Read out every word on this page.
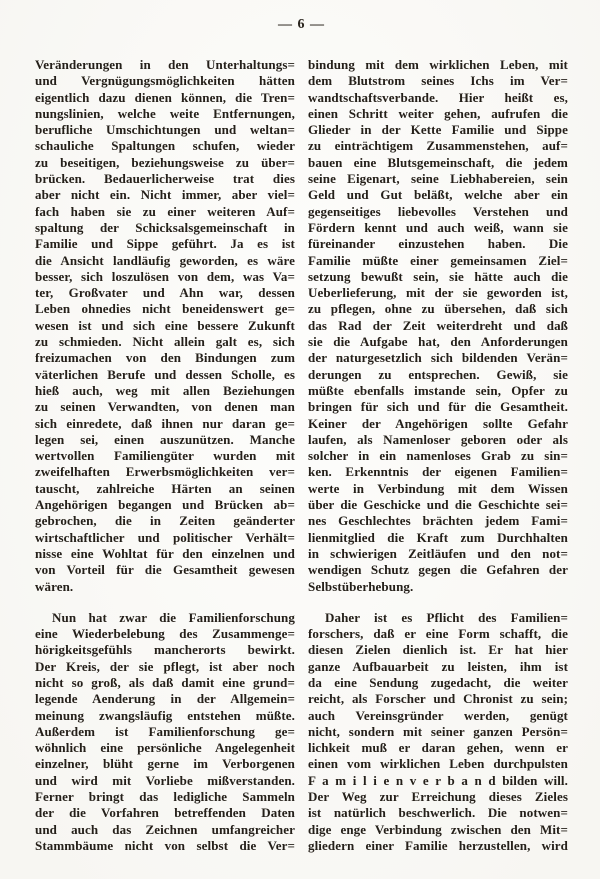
— 6 —
Veränderungen in den Unterhaltungs=
und Vergnügungsmöglichkeiten hätten
eigentlich dazu dienen können, die Tren=
nungslinien, welche weite Entfernungen,
berufliche Umschichtungen und weltan=
schauliche Spaltungen schufen, wieder
zu beseitigen, beziehungsweise zu über=
brücken. Bedauerlicherweise trat dies
aber nicht ein. Nicht immer, aber viel=
fach haben sie zu einer weiteren Auf=
spaltung der Schicksalsgemeinschaft in
Familie und Sippe geführt. Ja es ist
die Ansicht landläufig geworden, es wäre
besser, sich loszulösen von dem, was Va=
ter, Großvater und Ahn war, dessen
Leben ohnedies nicht beneidenswert ge=
wesen ist und sich eine bessere Zukunft
zu schmieden. Nicht allein galt es, sich
freizumachen von den Bindungen zum
väterlichen Berufe und dessen Scholle, es
hieß auch, weg mit allen Beziehungen
zu seinen Verwandten, von denen man
sich einredete, daß ihnen nur daran ge=
legen sei, einen auszunützen. Manche
wertvollen Familiengüter wurden mit
zweifelhaften Erwerbsmöglichkeiten ver=
tauscht, zahlreiche Härten an seinen
Angehörigen begangen und Brücken ab=
gebrochen, die in Zeiten geänderter
wirtschaftlicher und politischer Verhält=
nisse eine Wohltat für den einzelnen und
von Vorteil für die Gesamtheit gewesen
wären.
Nun hat zwar die Familienforschung
eine Wiederbelebung des Zusammenge=
hörigkeitsgefühls mancherorts bewirkt.
Der Kreis, der sie pflegt, ist aber noch
nicht so groß, als daß damit eine grund=
legende Aenderung in der Allgemein=
meinung zwangsläufig entstehen müßte.
Außerdem ist Familienforschung ge=
wöhnlich eine persönliche Angelegenheit
einzelner, blüht gerne im Verborgenen
und wird mit Vorliebe mißverstanden.
Ferner bringt das ledigliche Sammeln
der die Vorfahren betreffenden Daten
und auch das Zeichnen umfangreicher
Stammbäume nicht von selbst die Ver=
bindung mit dem wirklichen Leben, mit
dem Blutstrom seines Ichs im Ver=
wandtschaftsverbande. Hier heißt es,
einen Schritt weiter gehen, aufrufen die
Glieder in der Kette Familie und Sippe
zu einträchtigem Zusammenstehen, auf=
bauen eine Blutsgemeinschaft, die jedem
seine Eigenart, seine Liebhabereien, sein
Geld und Gut beläßt, welche aber ein
gegenseitiges liebevolles Verstehen und
Fördern kennt und auch weiß, wann sie
füreinander einzustehen haben. Die
Familie müßte einer gemeinsamen Ziel=
setzung bewußt sein, sie hätte auch die
Ueberlieferung, mit der sie geworden ist,
zu pflegen, ohne zu übersehen, daß sich
das Rad der Zeit weiterdreht und daß
sie die Aufgabe hat, den Anforderungen
der naturgesetzlich sich bildenden Verän=
derungen zu entsprechen. Gewiß, sie
müßte ebenfalls imstande sein, Opfer zu
bringen für sich und für die Gesamtheit.
Keiner der Angehörigen sollte Gefahr
laufen, als Namenloser geboren oder als
solcher in ein namenloses Grab zu sin=
ken. Erkenntnis der eigenen Familien=
werte in Verbindung mit dem Wissen
über die Geschicke und die Geschichte sei=
nes Geschlechtes brächten jedem Fami=
lienmitglied die Kraft zum Durchhalten
in schwierigen Zeitläufen und den not=
wendigen Schutz gegen die Gefahren der
Selbstüberhebung.
Daher ist es Pflicht des Familien=
forschers, daß er eine Form schafft, die
diesen Zielen dienlich ist. Er hat hier
ganze Aufbauarbeit zu leisten, ihm ist
da eine Sendung zugedacht, die weiter
reicht, als Forscher und Chronist zu sein;
auch Vereinsgründer werden, genügt
nicht, sondern mit seiner ganzen Persön=
lichkeit muß er daran gehen, wenn er
einen vom wirklichen Leben durchpulsten
F a m i l i e n v e r b a n d bilden will.
Der Weg zur Erreichung dieses Zieles
ist natürlich beschwerlich. Die notwen=
dige enge Verbindung zwischen den Mit=
gliedern einer Familie herzustellen, wird
